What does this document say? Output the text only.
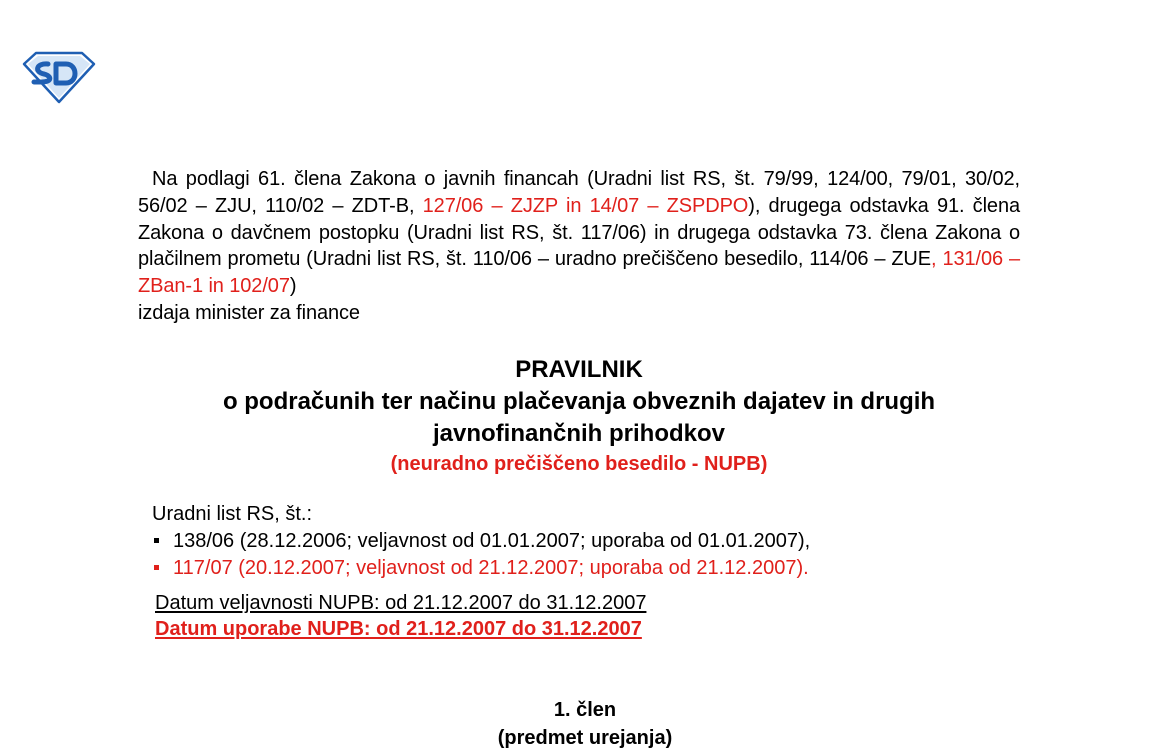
Na podlagi 61. člena Zakona o javnih financah (Uradni list RS, št. 79/99, 124/00, 79/01, 30/02, 56/02 – ZJU, 110/02 – ZDT-B, 127/06 – ZJZP in 14/07 – ZSPDPO), drugega odstavka 91. člena Zakona o davčnem postopku (Uradni list RS, št. 117/06) in drugega odstavka 73. člena Zakona o plačilnem prometu (Uradni list RS, št. 110/06 – uradno prečiščeno besedilo, 114/06 – ZUE, 131/06 – ZBan-1 in 102/07)
izdaja minister za finance
PRAVILNIK
o podračunih ter načinu plačevanja obveznih dajatev in drugih
javnofinančnih prihodkov
(neuradno prečiščeno besedilo - NUPB)
Uradni list RS, št.:
138/06 (28.12.2006; veljavnost od 01.01.2007; uporaba od 01.01.2007),
117/07 (20.12.2007; veljavnost od 21.12.2007; uporaba od 21.12.2007).
Datum veljavnosti NUPB: od 21.12.2007 do 31.12.2007
Datum uporabe NUPB: od 21.12.2007 do 31.12.2007
1. člen
(predmet urejanja)
